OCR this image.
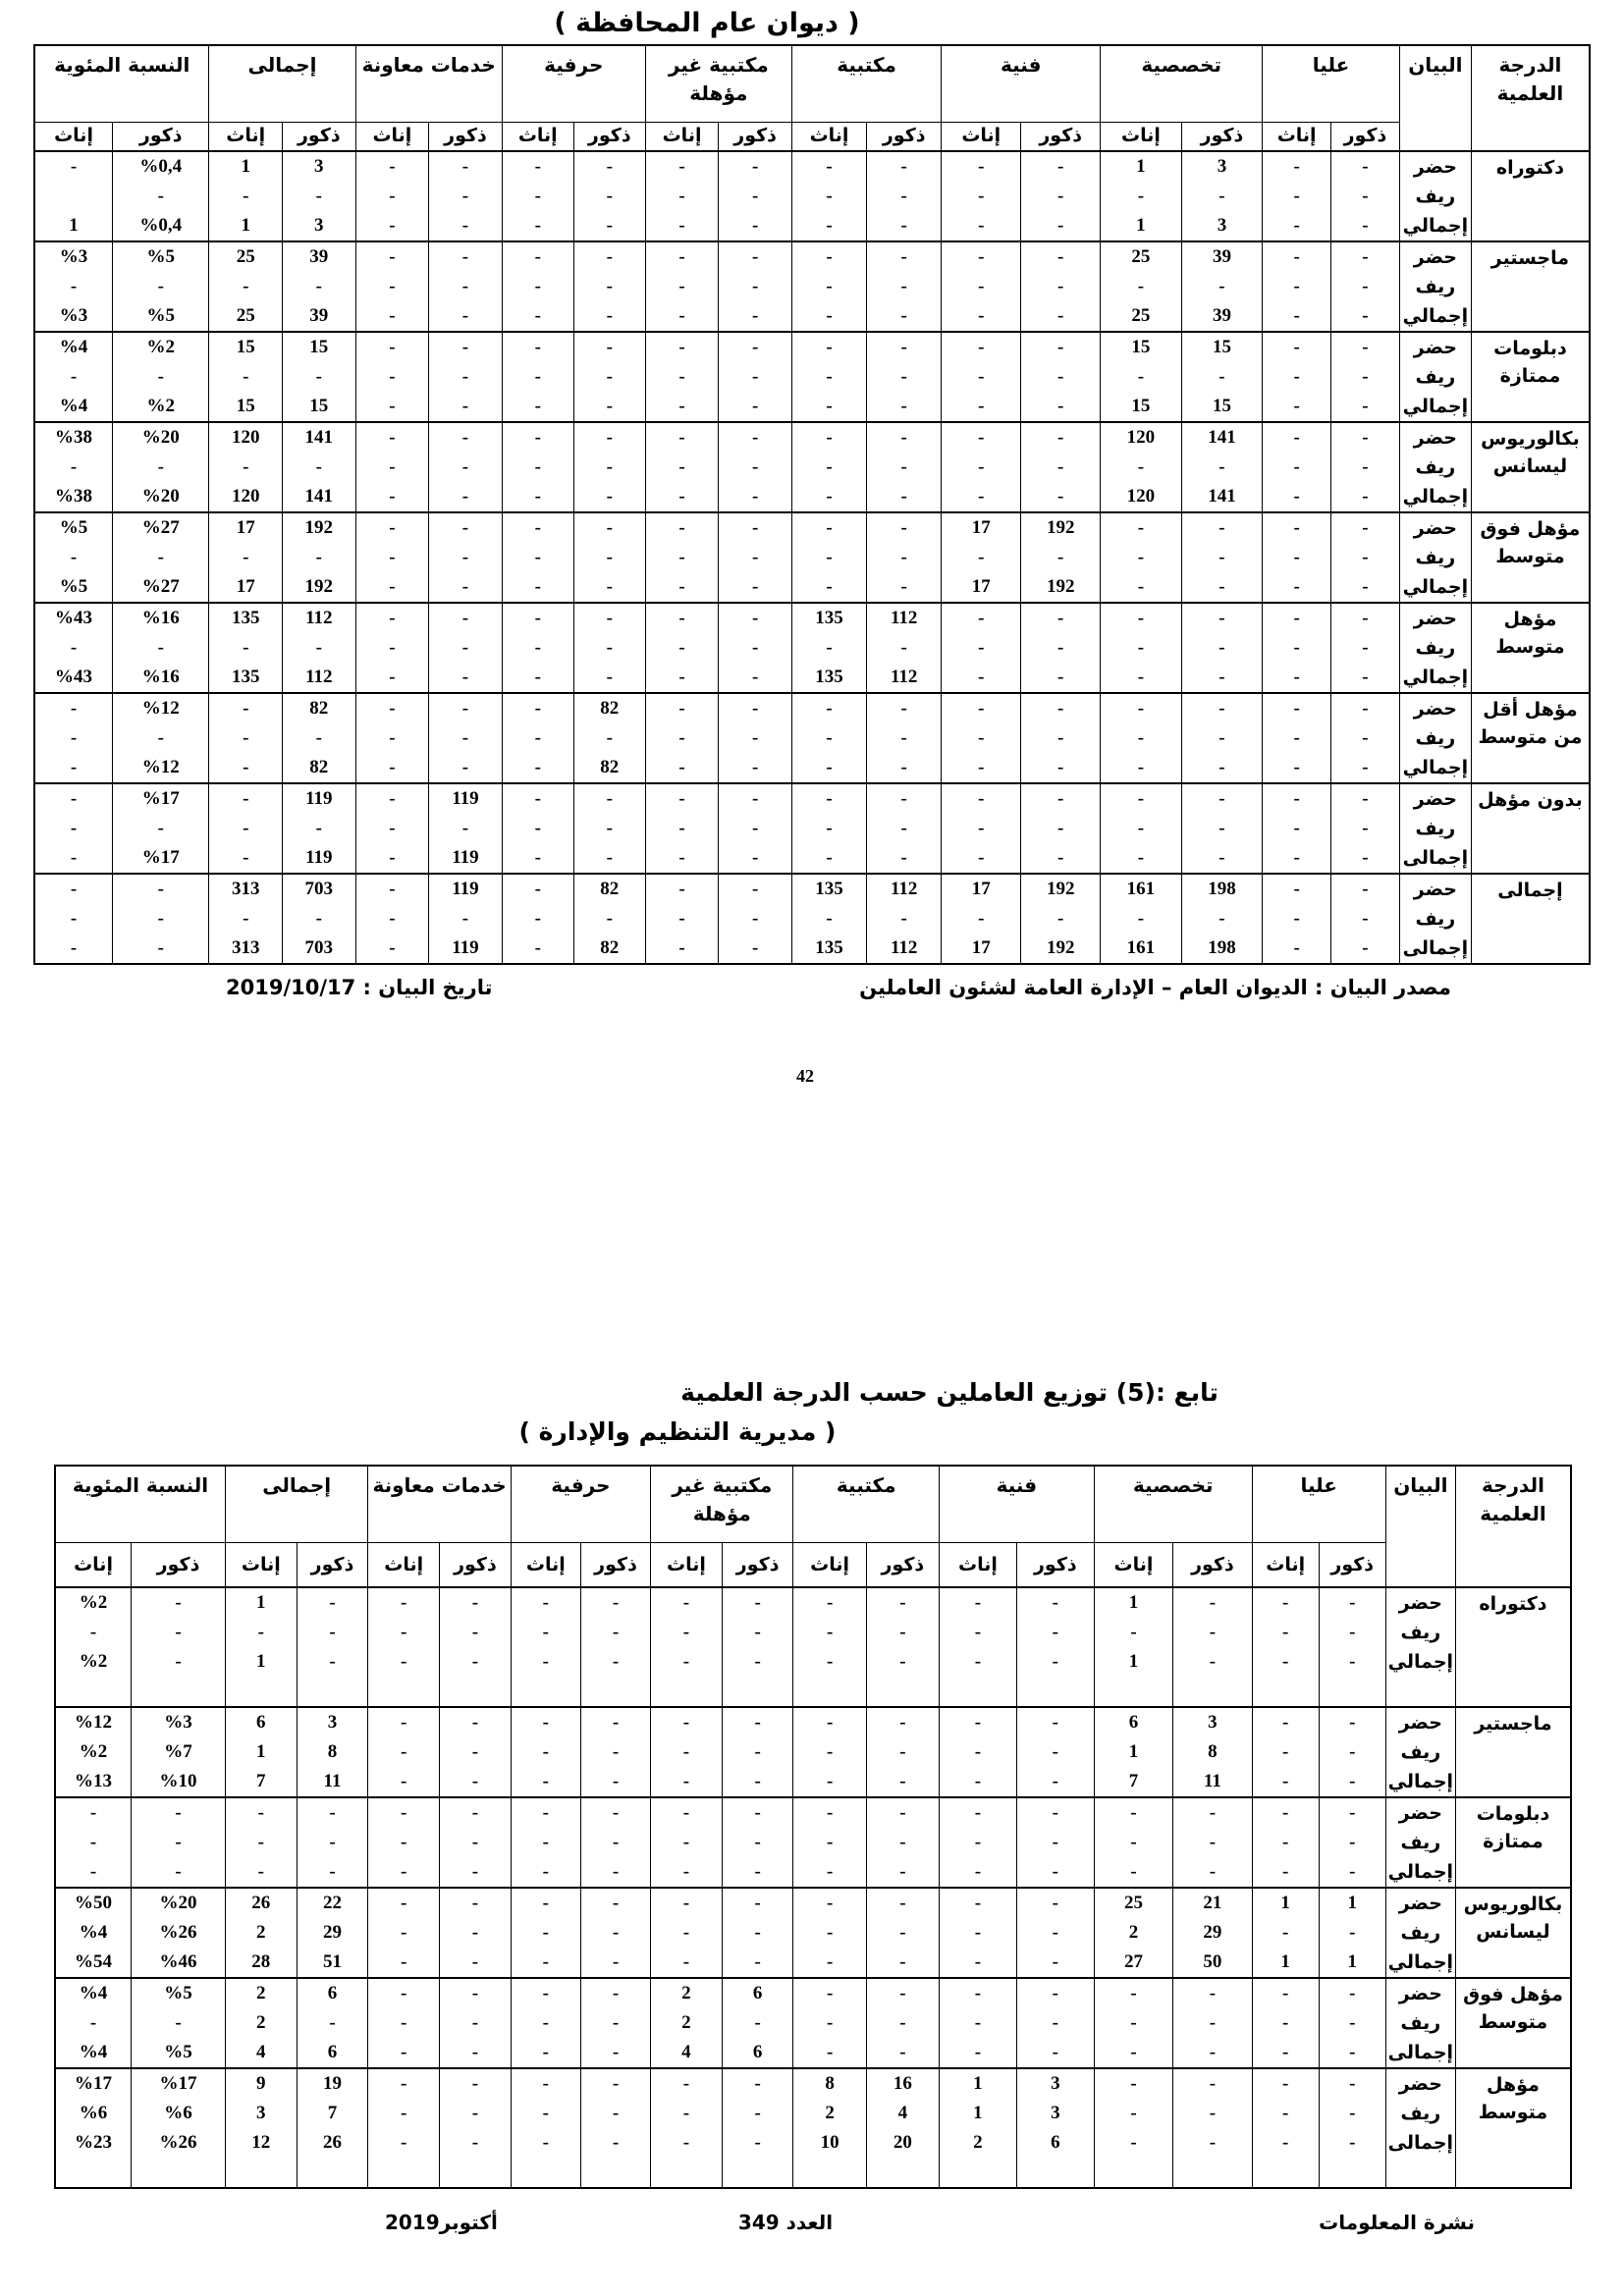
( ديوان عام المحافظة )
الدرجة العلمية	البيان	عليا		تخصصية		فنية		مكتبية		مكتبية غير مؤهلة		حرفية		خدمات معاونة		إجمالى		النسبة المئوية	
		ذكور	إناث	ذكور	إناث	ذكور	إناث	ذكور	إناث	ذكور	إناث	ذكور	إناث	ذكور	إناث	ذكور	إناث	ذكور	إناث
دكتوراه	حضر	-	-	3	1	-	-	-	-	-	-	-	-	-	-	3	1	%0,4	-
	ريف	-	-	-	-	-	-	-	-	-	-	-	-	-	-	-	-	-	
	إجمالي	-	-	3	1	-	-	-	-	-	-	-	-	-	-	3	1	%0,4	1
ماجستير	حضر	-	-	39	25	-	-	-	-	-	-	-	-	-	-	39	25	%5	%3
	ريف	-	-	-	-	-	-	-	-	-	-	-	-	-	-	-	-	-	-
	إجمالي	-	-	39	25	-	-	-	-	-	-	-	-	-	-	39	25	%5	%3
دبلومات ممتازة	حضر	-	-	15	15	-	-	-	-	-	-	-	-	-	-	15	15	%2	%4
	ريف	-	-	-	-	-	-	-	-	-	-	-	-	-	-	-	-	-	-
	إجمالي	-	-	15	15	-	-	-	-	-	-	-	-	-	-	15	15	%2	%4
بكالوريوس ليسانس	حضر	-	-	141	120	-	-	-	-	-	-	-	-	-	-	141	120	%20	%38
	ريف	-	-	-	-	-	-	-	-	-	-	-	-	-	-	-	-	-	-
	إجمالي	-	-	141	120	-	-	-	-	-	-	-	-	-	-	141	120	%20	%38
مؤهل فوق متوسط	حضر	-	-	-	-	192	17	-	-	-	-	-	-	-	-	192	17	%27	%5
	ريف	-	-	-	-	-	-	-	-	-	-	-	-	-	-	-	-	-	-
	إجمالي	-	-	-	-	192	17	-	-	-	-	-	-	-	-	192	17	%27	%5
مؤهل متوسط	حضر	-	-	-	-	-	-	112	135	-	-	-	-	-	-	112	135	%16	%43
	ريف	-	-	-	-	-	-	-	-	-	-	-	-	-	-	-	-	-	-
	إجمالي	-	-	-	-	-	-	112	135	-	-	-	-	-	-	112	135	%16	%43
مؤهل أقل من متوسط	حضر	-	-	-	-	-	-	-	-	-	-	82	-	-	-	82	-	%12	-
	ريف	-	-	-	-	-	-	-	-	-	-	-	-	-	-	-	-	-	-
	إجمالي	-	-	-	-	-	-	-	-	-	-	82	-	-	-	82	-	%12	-
بدون مؤهل	حضر	-	-	-	-	-	-	-	-	-	-	-	-	119	-	119	-	%17	-
	ريف	-	-	-	-	-	-	-	-	-	-	-	-	-	-	-	-	-	-
	إجمالى	-	-	-	-	-	-	-	-	-	-	-	-	119	-	119	-	%17	-
إجمالى	حضر	-	-	198	161	192	17	112	135	-	-	82	-	119	-	703	313	-	-
	ريف	-	-	-	-	-	-	-	-	-	-	-	-	-	-	-	-	-	-
	إجمالى	-	-	198	161	192	17	112	135	-	-	82	-	119	-	703	313	-	-
مصدر البيان : الديوان العام – الإدارة العامة لشئون العاملين
تاريخ البيان : 2019/10/17
42
تابع :(5) توزيع العاملين حسب الدرجة العلمية
( مديرية التنظيم والإدارة )
الدرجة العلمية	البيان	عليا		تخصصية		فنية		مكتبية		مكتبية غير مؤهلة		حرفية		خدمات معاونة		إجمالى		النسبة المئوية	
		ذكور	إناث	ذكور	إناث	ذكور	إناث	ذكور	إناث	ذكور	إناث	ذكور	إناث	ذكور	إناث	ذكور	إناث	ذكور	إناث
دكتوراه	حضر	-	-	-	1	-	-	-	-	-	-	-	-	-	-	-	1	-	%2
	ريف	-	-	-	-	-	-	-	-	-	-	-	-	-	-	-	-	-	-
	إجمالي	-	-	-	1	-	-	-	-	-	-	-	-	-	-	-	1	-	%2

ماجستير	حضر	-	-	3	6	-	-	-	-	-	-	-	-	-	-	3	6	%3	%12
	ريف	-	-	8	1	-	-	-	-	-	-	-	-	-	-	8	1	%7	%2
	إجمالي	-	-	11	7	-	-	-	-	-	-	-	-	-	-	11	7	%10	%13
دبلومات ممتازة	حضر	-	-	-	-	-	-	-	-	-	-	-	-	-	-	-	-	-	-
	ريف	-	-	-	-	-	-	-	-	-	-	-	-	-	-	-	-	-	-
	إجمالي	-	-	-	-	-	-	-	-	-	-	-	-	-	-	-	-	-	-
بكالوريوس ليسانس	حضر	1	1	21	25	-	-	-	-	-	-	-	-	-	-	22	26	%20	%50
	ريف	-	-	29	2	-	-	-	-	-	-	-	-	-	-	29	2	%26	%4
	إجمالي	1	1	50	27	-	-	-	-	-	-	-	-	-	-	51	28	%46	%54
مؤهل فوق متوسط	حضر	-	-	-	-	-	-	-	-	6	2	-	-	-	-	6	2	%5	%4
	ريف	-	-	-	-	-	-	-	-	-	2	-	-	-	-	-	2	-	-
	إجمالى	-	-	-	-	-	-	-	-	6	4	-	-	-	-	6	4	%5	%4
مؤهل متوسط	حضر	-	-	-	-	3	1	16	8	-	-	-	-	-	-	19	9	%17	%17
	ريف	-	-	-	-	3	1	4	2	-	-	-	-	-	-	7	3	%6	%6
	إجمالى	-	-	-	-	6	2	20	10	-	-	-	-	-	-	26	12	%26	%23

نشرة المعلومات
العدد 349
أكتوبر2019
